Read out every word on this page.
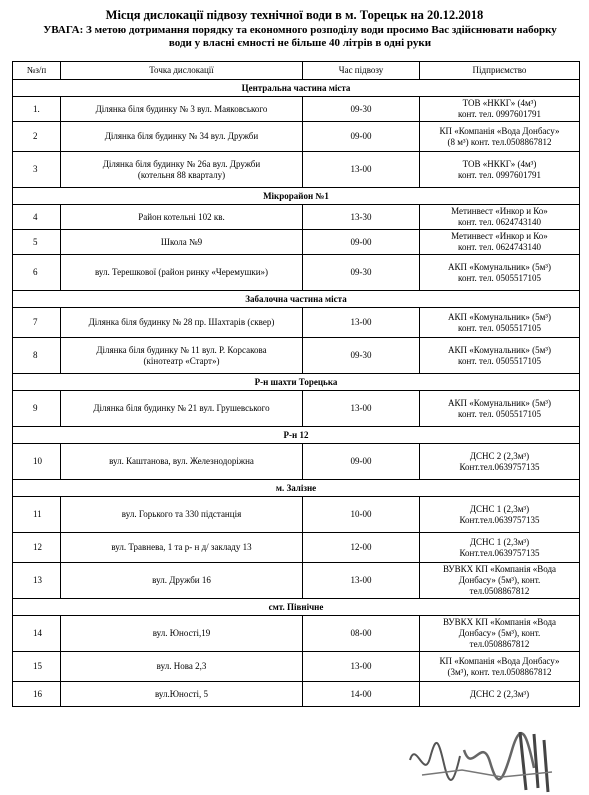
Місця дислокації підвозу технічної води в м. Торецьк на 20.12.2018
УВАГА: З метою дотримання порядку та економного розподілу води просимо Вас здійснювати наборку води у власні ємності не більше 40 літрів в одні руки
№з/п	Точка дислокації	Час підвозу	Підприємство
Центральна частина міста			
1.	Ділянка біля будинку № 3 вул. Маяковського	09-30	ТОВ «НККГ» (4м³)
конт. тел. 0997601791
2	Ділянка біля будинку № 34 вул. Дружби	09-00	КП «Компанія «Вода Донбасу»
(8 м³) конт. тел.0508867812
3	Ділянка біля будинку № 26а вул. Дружби
(котельня 88 кварталу)	13-00	ТОВ «НККГ» (4м³)
конт. тел. 0997601791
Мікрорайон №1			
4	Район котельні 102 кв.	13-30	Метинвест «Инкор и Ко»
конт. тел. 0624743140
5	Школа №9	09-00	Метинвест «Инкор и Ко»
конт. тел. 0624743140
6	вул. Терешкової (район ринку «Черемушки»)	09-30	АКП «Комунальник» (5м³)
конт. тел. 0505517105
Забалочна частина міста			
7	Ділянка біля будинку № 28 пр. Шахтарів (сквер)	13-00	АКП «Комунальник» (5м³)
конт. тел. 0505517105
8	Ділянка біля будинку № 11 вул. Р. Корсакова
(кінотеатр «Старт»)	09-30	АКП «Комунальник» (5м³)
конт. тел. 0505517105
Р-н шахти Торецька			
9	Ділянка біля будинку № 21 вул. Грушевського	13-00	АКП «Комунальник» (5м³)
конт. тел. 0505517105
Р-н 12			
10	вул. Каштанова, вул. Железнодорiжна	09-00	ДСНС 2 (2,3м³)
Конт.тел.0639757135
м. Залізне			
11	вул. Горького та 330 підстанція	10-00	ДСНС 1 (2,3м³)
Конт.тел.0639757135
12	вул. Травнева, 1 та р- н д/ закладу 13	12-00	ДСНС 1 (2,3м³)
Конт.тел.0639757135
13	вул. Дружби 16	13-00	ВУВКХ КП «Компанія «Вода
Донбасу» (5м³), конт.
тел.0508867812
смт. Північне			
14	вул. Юності,19	08-00	ВУВКХ КП «Компанія «Вода
Донбасу» (5м³), конт.
тел.0508867812
15	вул. Нова 2,3	13-00	КП «Компанія «Вода Донбасу»
(3м³), конт. тел.0508867812
16	вул.Юності, 5	14-00	ДСНС 2 (2,3м³)
